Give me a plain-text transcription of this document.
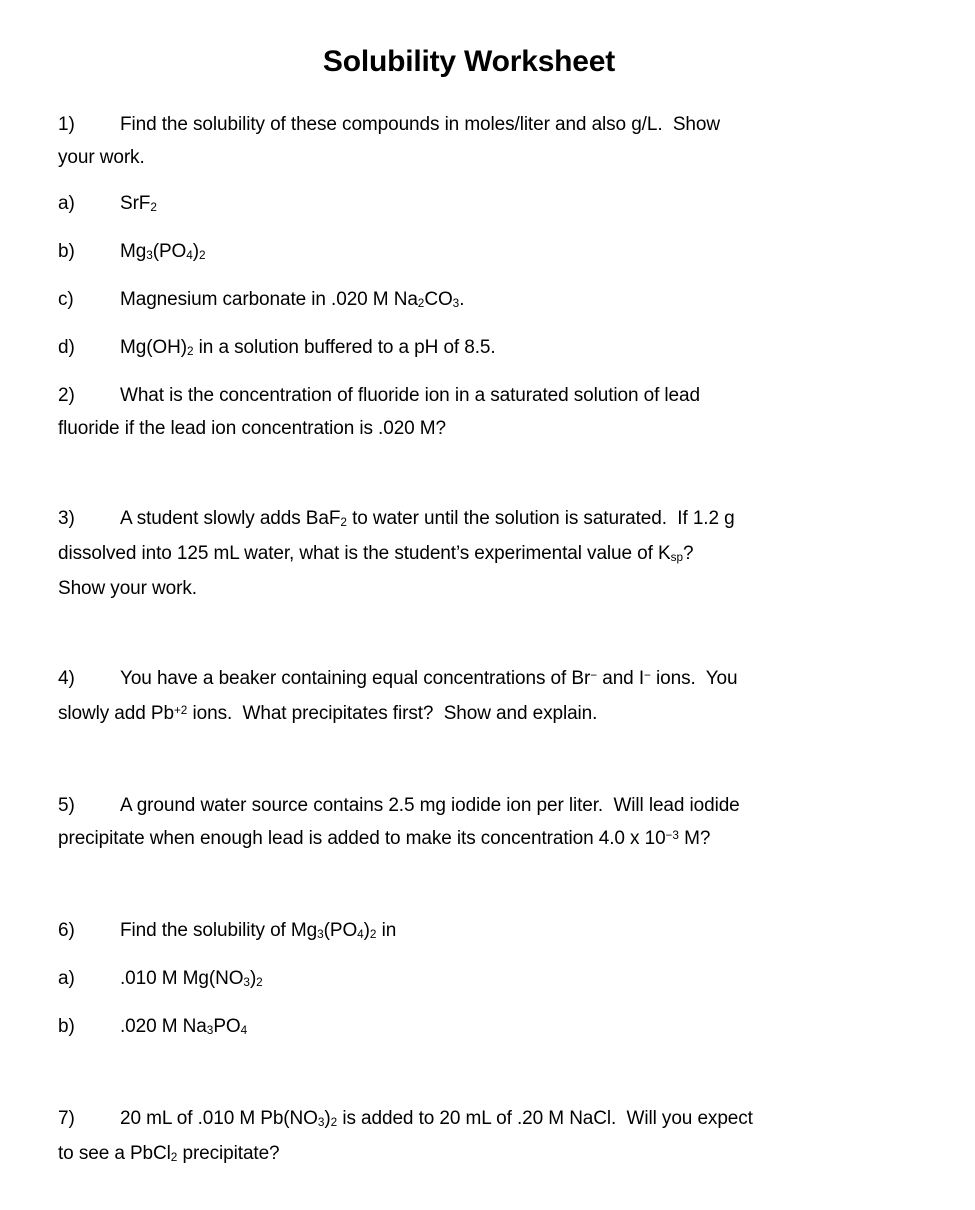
Solubility Worksheet

1) Find the solubility of these compounds in moles/liter and also g/L.  Show
your work.

a) SrF$_2$

b) $Mg_3(PO_4)_2$

c) Magnesium carbonate in .020 M $Na_2CO_3$.

d) $Mg(OH)_2$ in a solution buffered to a pH of 8.5.

2) What is the concentration of fluoride ion in a saturated solution of lead
fluoride if the lead ion concentration is .020 M?

3) A student slowly adds BaF$_2$ to water until the solution is saturated.  If 1.2 g
dissolved into 125 mL water, what is the student’s experimental value of $K_{sp}$?
Show your work.

4) You have a beaker containing equal concentrations of Br− and I− ions.  You
slowly add $Pb^{+2}$ ions.  What precipitates first?  Show and explain.

5) A ground water source contains 2.5 mg iodide ion per liter.  Will lead iodide
precipitate when enough lead is added to make its concentration 4.0 x $10^{-3}$ M?

6) Find the solubility of $Mg_3(PO_4)_2$ in

a) .010 M $Mg(NO_3)_2$

b) .020 M $Na_3PO_4$

7) 20 mL of .010 M $Pb(NO_3)_2$ is added to 20 mL of .20 M NaCl.  Will you expect
to see a PbCl$_2$ precipitate?
